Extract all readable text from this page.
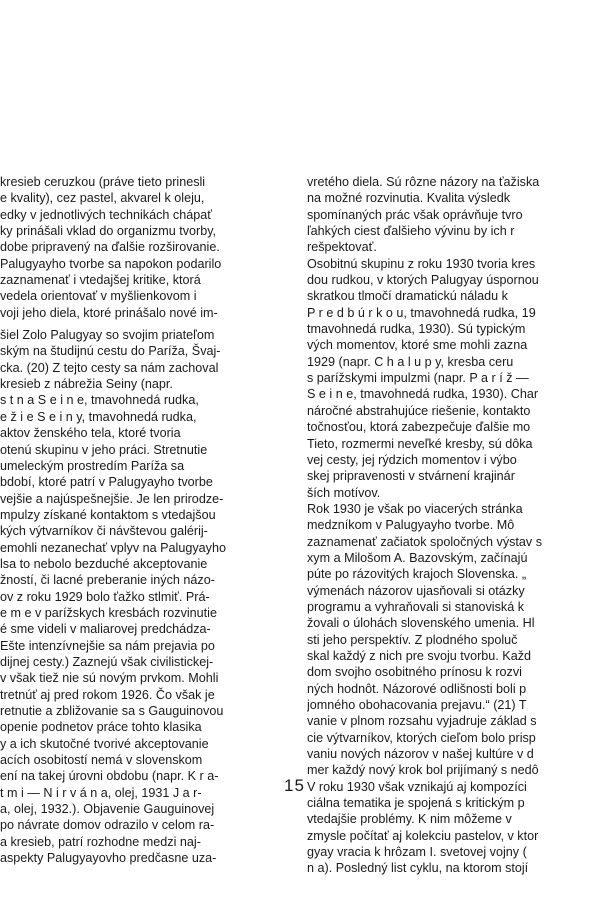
kresieb ceruzkou (práve tieto prinesli
e kvality), cez pastel, akvarel k oleju,
edky v jednotlivých technikách chápať
ky prinášali vklad do organizmu tvorby,
dobe pripravený na ďalšie rozširovanie.
Palugyayho tvorbe sa napokon podarilo
zaznamenať i vtedajšej kritike, ktorá
vedela orientovať v myšlienkovom i
voji jeho diela, ktoré prinášalo nové im-
šiel Zolo Palugyay so svojim priateľom
ským na študijnú cestu do Paríža, Švaj-
cka. (20) Z tejto cesty sa nám zachoval
kresieb z nábrežia Seiny (napr.
s t n a S e i n e, tmavohnedá rudka,
e ž i e S e i n y, tmavohnedá rudka,
aktov ženského tela, ktoré tvoria
otenú skupinu v jeho práci. Stretnutie
umeleckým prostredím Paríža sa
bdobí, ktoré patrí v Palugyayho tvorbe
vejšie a najúspešnejšie. Je len prirodze-
mpulzy získané kontaktom s vtedajšou
kých výtvarníkov či návštevou galérij-
emohli nezanechať vplyv na Palugyayho
lsa to nebolo bezduché akceptovanie
žností, či lacné preberanie iných názo-
ov z roku 1929 bolo ťažko stlmiť. Prá-
e m e v parížskych kresbách rozvinutie
é sme videli v maliarovej predchádza-
Ešte intenzívnejšie sa nám prejavia po
dijnej cesty.) Zaznejú však civilistickej-
v však tiež nie sú novým prvkom. Mohli
tretnúť aj pred rokom 1926. Čo však je
retnutie a zbližovanie sa s Gauguinovou
openie podnetov práce tohto klasika
y a ich skutočné tvorivé akceptovanie
acích osobitostí nemá v slovenskom
ení na takej úrovni obdobu (napr. K r a-
t m i — N i r v á n a, olej, 1931 J a r-
a, olej, 1932.). Objavenie Gauguinovej
po návrate domov odrazilo v celom ra-
a kresieb, patrí rozhodne medzi naj-
aspekty Palugyayovho predčasne uza-
vretého diela. Sú rôzne názory na ťažiska
na možné rozvinutia. Kvalita výsledk
spomínaných prác však oprávňuje tvro
ľahkých ciest ďalšieho vývinu by ich r
rešpektovať.
Osobitnú skupinu z roku 1930 tvoria kres
dou rudkou, v ktorých Palugyay úspornou
skratkou tlmočí dramatickú náladu k
P r e d b ú r k o u, tmavohnedá rudka, 19
tmavohnedá rudka, 1930). Sú typickým
vých momentov, ktoré sme mohli zazna
1929 (napr. C h a l u p y, kresba ceru
s parížskymi impulzmi (napr. P a r í ž —
S e i n e, tmavohnedá rudka, 1930). Char
náročné abstrahujúce riešenie, kontakto
točnosťou, ktorá zabezpečuje ďalšie mo
Tieto, rozmermi neveľké kresby, sú dôka
vej cesty, jej rýdzich momentov i výbo
skej pripravenosti v stvárnení krajinár
ších motívov.
Rok 1930 je však po viacerých stránka
medzníkom v Palugyayho tvorbe. Mô
zaznamenať začiatok spoločných výstav s
xym a Milošom A. Bazovským, začínajú
púte po rázovitých krajoch Slovenska. „
výmenách názorov ujasňovali si otázky
programu a vyhraňovali si stanoviská k
žovali o úlohách slovenského umenia. Hl
sti jeho perspektív. Z plodného spoluč
skal každý z nich pre svoju tvorbu. Každ
dom svojho osobitného prínosu k rozvi
ných hodnôt. Názorové odlišnosti boli p
jomného obohacovania prejavu.“ (21) T
vanie v plnom rozsahu vyjadruje základ s
cie výtvarníkov, ktorých cieľom bolo prisp
vaniu nových názorov v našej kultúre v d
mer každý nový krok bol prijímaný s nedô
V roku 1930 však vznikajú aj kompozíci
ciálna tematika je spojená s kritickým p
vtedajšie problémy. K nim môžeme v
zmysle počítať aj kolekciu pastelov, v ktor
gyay vracia k hrôzam I. svetovej vojny (
n a). Posledný list cyklu, na ktorom stojí
15
